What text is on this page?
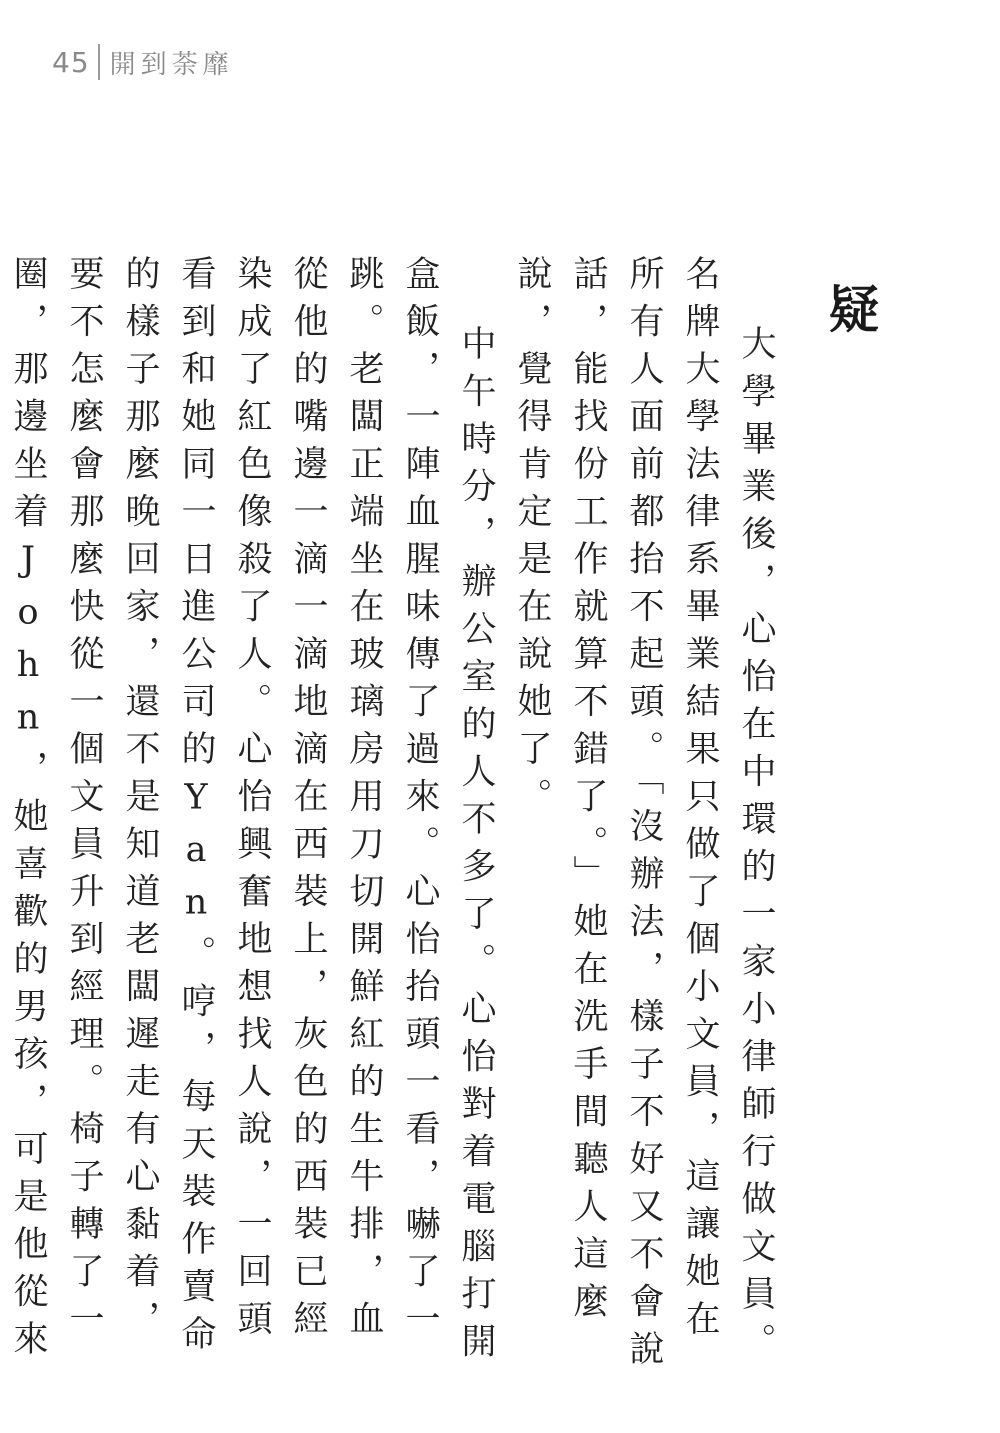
45 開到荼靡
疑

大學畢業後，心怡在中環的一家小律師行做文員。名牌大學法律系畢業結果只做了個小文員，這讓她在所有人面前都抬不起頭。「沒辦法，樣子不好又不會說話，能找份工作就算不錯了。」她在洗手間聽人這麼說，覺得肯定是在說她了。

中午時分，辦公室的人不多了。心怡對着電腦打開盒飯，一陣血腥味傳了過來。心怡抬頭一看，嚇了一跳。老闆正端坐在玻璃房用刀切開鮮紅的生牛排，血從他的嘴邊一滴一滴地滴在西裝上，灰色的西裝已經染成了紅色像殺了人。心怡興奮地想找人說，一回頭看到和她同一日進公司的Yan。哼，每天裝作賣命的樣子那麼晚回家，還不是知道老闆遲走有心黏着，要不怎麼會那麼快從一個文員升到經理。椅子轉了一圈，那邊坐着John，她喜歡的男孩，可是他從來
